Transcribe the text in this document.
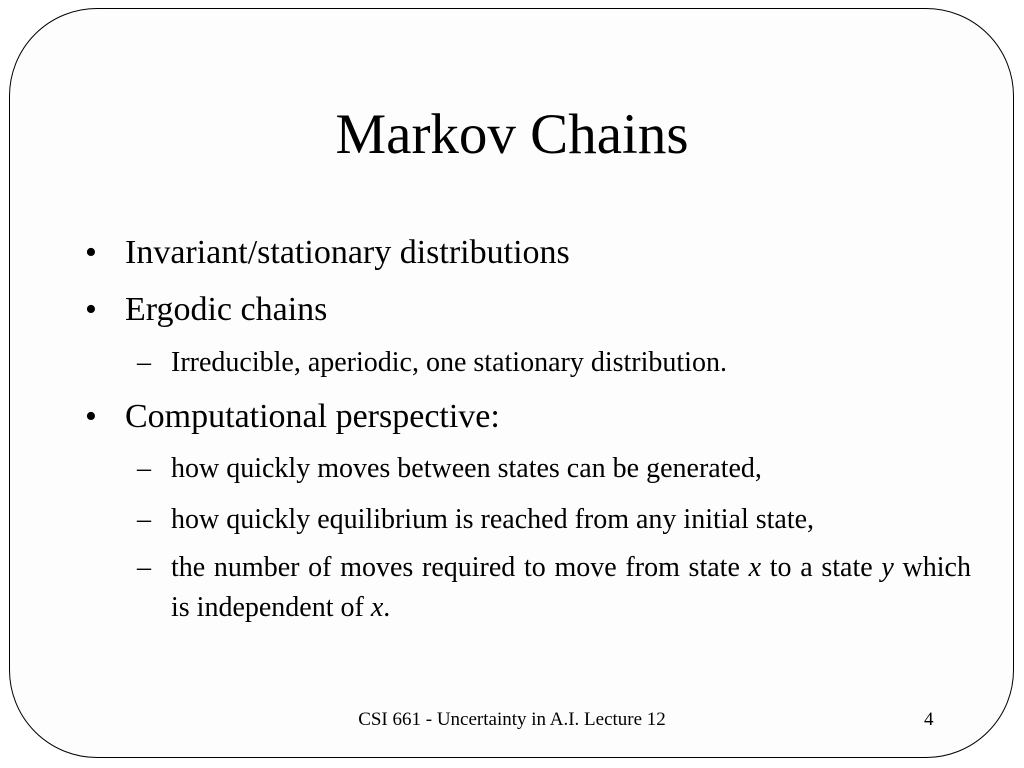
Markov Chains
• Invariant/stationary distributions
• Ergodic chains
– Irreducible, aperiodic, one stationary distribution.
• Computational perspective:
– how quickly moves between states can be generated,
– how quickly equilibrium is reached from any initial state,
– the number of moves required to move from state x to a state y which is independent of x.
CSI 661 - Uncertainty in A.I. Lecture 12	4
